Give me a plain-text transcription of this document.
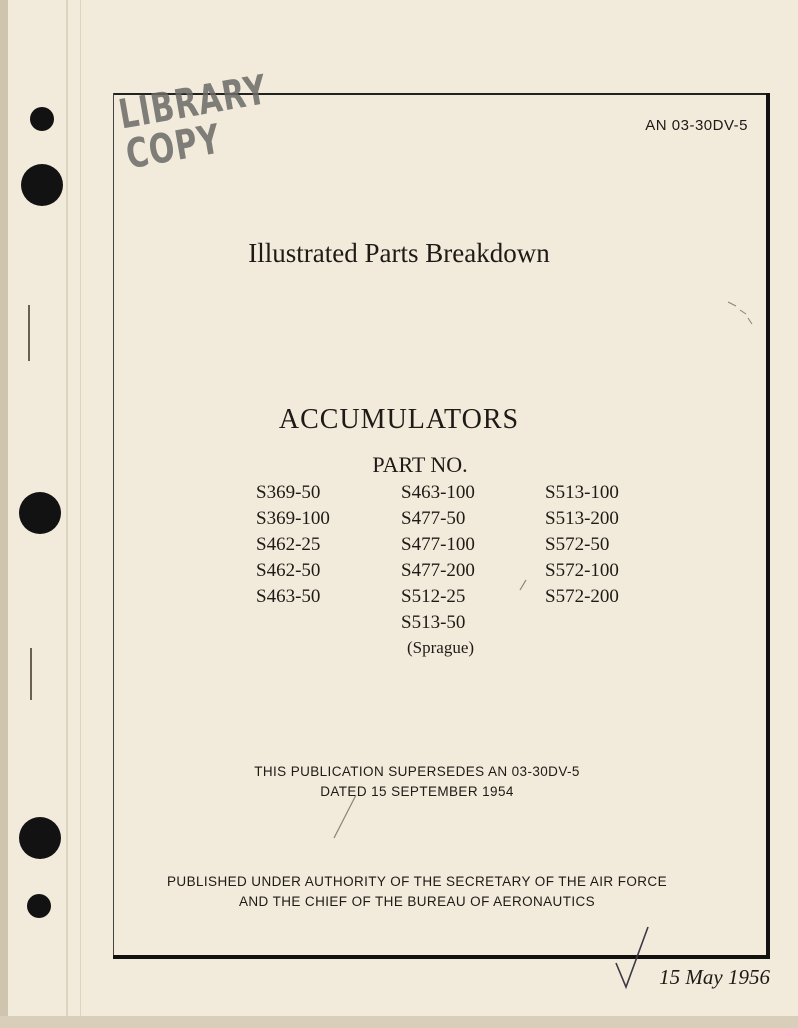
LIBRARY COPY	AN 03-30DV-5
Illustrated Parts Breakdown
ACCUMULATORS
PART NO.
S369-50
S369-100
S462-25
S462-50
S463-50
S463-100
S477-50
S477-100
S477-200
S512-25
S513-50
S513-100
S513-200
S572-50
S572-100
S572-200
(Sprague)
THIS PUBLICATION SUPERSEDES AN 03-30DV-5
DATED 15 SEPTEMBER 1954
PUBLISHED UNDER AUTHORITY OF THE SECRETARY OF THE AIR FORCE
AND THE CHIEF OF THE BUREAU OF AERONAUTICS
15 May 1956
